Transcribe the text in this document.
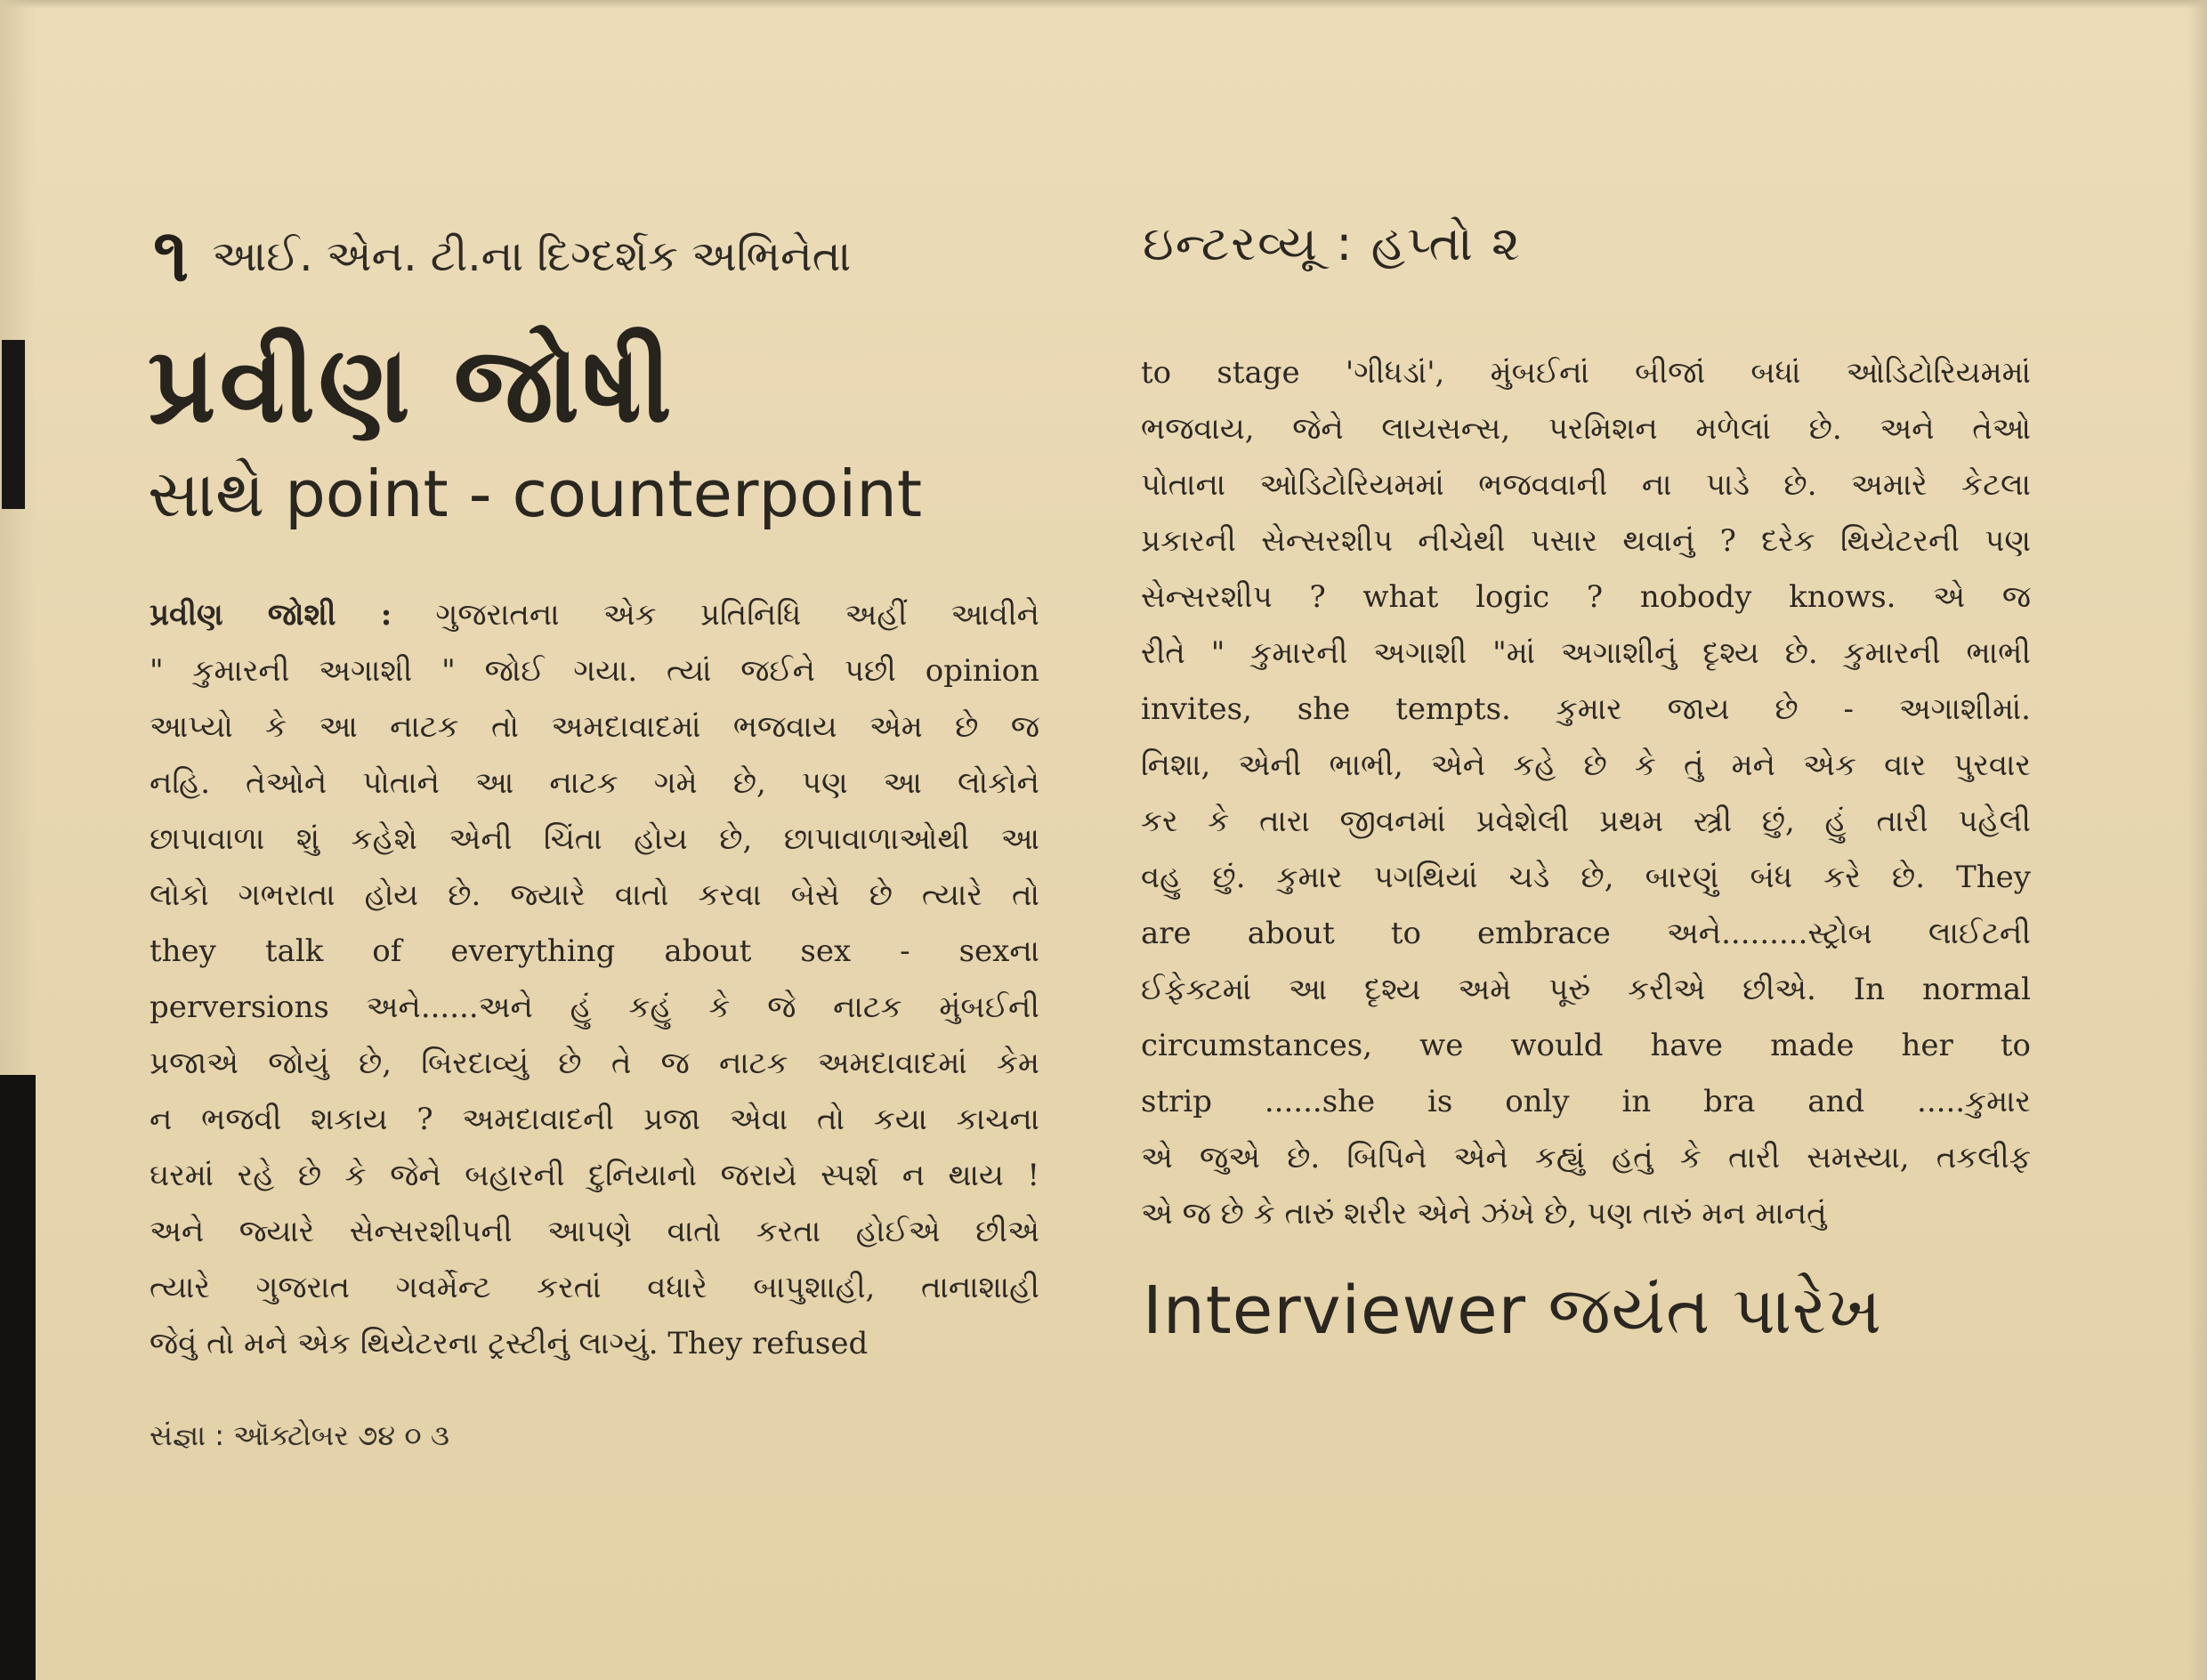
૧ આઈ. એન. ટી.ના દિગ્દર્શક અભિનેતા
પ્રવીણ જોષી
સાથે point - counterpoint
ઇન્ટરવ્યૂ : હપ્તો ૨

પ્રવીણ જોશી : ગુજરાતના એક પ્રતિનિધિ અહીં આવીને

" કુમારની અગાશી " જોઈ ગયા. ત્યાં જઈને પછી opinion

આપ્યો કે આ નાટક તો અમદાવાદમાં ભજવાય એમ છે જ

નહિ. તેઓને પોતાને આ નાટક ગમે છે, પણ આ લોકોને

છાપાવાળા શું કહેશે એની ચિંતા હોય છે, છાપાવાળાઓથી આ

લોકો ગભરાતા હોય છે. જ્યારે વાતો કરવા બેસે છે ત્યારે તો

they talk of everything about sex - sexના

perversions અને......અને હું કહું કે જે નાટક મુંબઈની

પ્રજાએ જોયું છે, બિરદાવ્યું છે તે જ નાટક અમદાવાદમાં કેમ

ન ભજવી શકાય ? અમદાવાદની પ્રજા એવા તો કયા કાચના

ઘરમાં રહે છે કે જેને બહારની દુનિયાનો જરાયે સ્પર્શ ન થાય !

અને જ્યારે સેન્સરશીપની આપણે વાતો કરતા હોઈએ છીએ

ત્યારે ગુજરાત ગવર્મેન્ટ કરતાં વધારે બાપુશાહી, તાનાશાહી

જેવું તો મને એક થિયેટરના ટ્રસ્ટીનું લાગ્યું. They refused

to stage 'ગીધડાં', મુંબઈનાં બીજાં બધાં ઓડિટોરિયમમાં

ભજવાય, જેને લાયસન્સ, પરમિશન મળેલાં છે. અને તેઓ

પોતાના ઓડિટોરિયમમાં ભજવવાની ના પાડે છે. અમારે કેટલા

પ્રકારની સેન્સરશીપ નીચેથી પસાર થવાનું ? દરેક થિયેટરની પણ

સેન્સરશીપ ? what logic ? nobody knows. એ જ

રીતે " કુમારની અગાશી "માં અગાશીનું દૃશ્ય છે. કુમારની ભાભી

invites, she tempts. કુમાર જાય છે - અગાશીમાં.

નિશા, એની ભાભી, એને કહે છે કે તું મને એક વાર પુરવાર

કર કે તારા જીવનમાં પ્રવેશેલી પ્રથમ સ્ત્રી છું, હું તારી પહેલી

વહુ છું. કુમાર પગથિયાં ચડે છે, બારણું બંધ કરે છે. They

are about to embrace અને.........સ્ટ્રોબ લાઈટની

ઈફેક્ટમાં આ દૃશ્ય અમે પૂરું કરીએ છીએ. In normal

circumstances, we would have made her to

strip ......she is only in bra and .....કુમાર

એ જુએ છે. બિપિને એને કહ્યું હતું કે તારી સમસ્યા, તકલીફ

એ જ છે કે તારું શરીર એને ઝંખે છે, પણ તારું મન માનતું

Interviewer જયંત પારેખ
સંજ્ઞા : ઑક્ટોબર ૭૪ ૦ ૩
